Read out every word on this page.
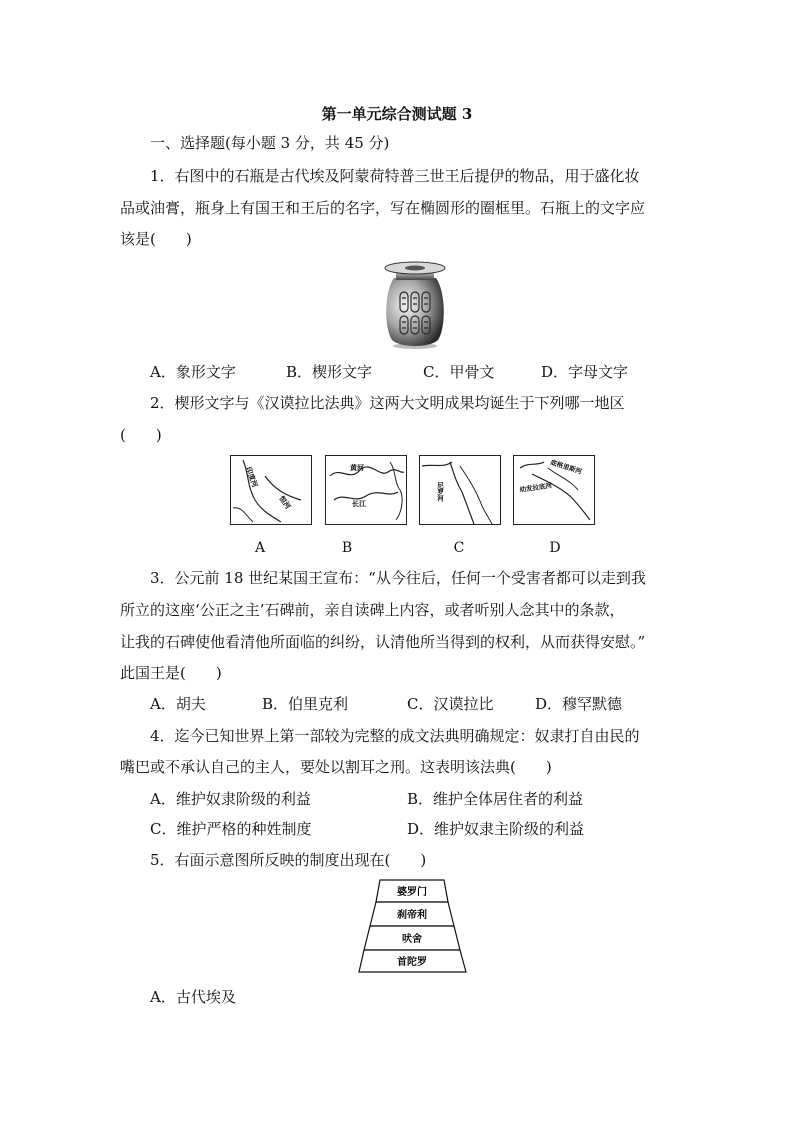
第一单元综合测试题 3
一、选择题(每小题 3 分，共 45 分)
1．右图中的石瓶是古代埃及阿蒙荷特普三世王后提伊的物品，用于盛化妆
品或油膏，瓶身上有国王和王后的名字，写在椭圆形的圈框里。石瓶上的文字应
该是(　　)
A．象形文字	B．楔形文字	C．甲骨文	D．字母文字
2．楔形文字与《汉谟拉比法典》这两大文明成果均诞生于下列哪一地区
(　　)
印度河
恒河
黄河
长江
尼罗河
底格里斯河
幼发拉底河
A	B	C	D
3．公元前 18 世纪某国王宣布：“从今往后，任何一个受害者都可以走到我
所立的这座‘公正之主’石碑前，亲自读碑上内容，或者听别人念其中的条款，
让我的石碑使他看清他所面临的纠纷，认清他所当得到的权利，从而获得安慰。”
此国王是(　　)
A．胡夫	B．伯里克利	C．汉谟拉比	D．穆罕默德
4．迄今已知世界上第一部较为完整的成文法典明确规定：奴隶打自由民的
嘴巴或不承认自己的主人，要处以割耳之刑。这表明该法典(　　)
A．维护奴隶阶级的利益	B．维护全体居住者的利益
C．维护严格的种姓制度	D．维护奴隶主阶级的利益
5．右面示意图所反映的制度出现在(　　)
婆罗门
刹帝利
吠舍
首陀罗
A．古代埃及
